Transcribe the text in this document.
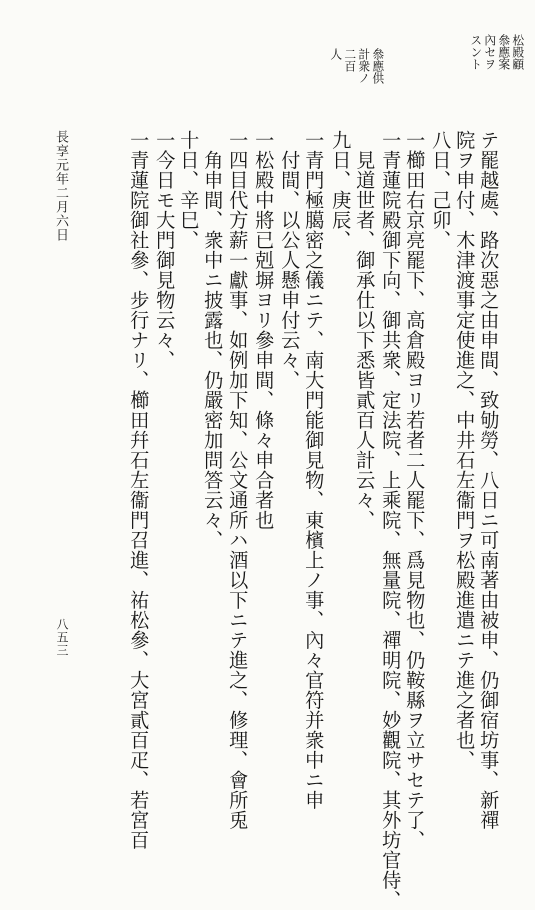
松殿顧
叅應案
內セヲ
スント
叅應供
計衆ノ
二百
人
テ罷越處、路次惡之由申間、致劬勞、八日ニ可南著由被申、仍御宿坊事、新禪
院ヲ申付、木津渡事定使進之、中井石左衞門ヲ松殿進遣ニテ進之者也、
八日、己卯、
一櫛田右京亮罷下、高倉殿ヨリ若者二人罷下、爲見物也、仍鞍縣ヲ立サセテ了、
一青蓮院殿御下向、御共衆、定法院、上乘院、無量院、禪明院、妙觀院、其外坊官侍、
見道世者、御承仕以下悉皆貳百人計云々、
九日、庚辰、
一青門極臈密之儀ニテ、南大門能御見物、東檳上ノ事、內々官符并衆中ニ申
付間、以公人懸申付云々、
一松殿中將已剋塀ヨリ參申間、條々申合者也
一四目代方薪一獻事、如例加下知、公文通所ハ酒以下ニテ進之、修理、會所兎
角申間、衆中ニ披露也、仍嚴密加問答云々、
十日、辛巳、
一今日モ大門御見物云々、
一青蓮院御社參、步行ナリ、櫛田幷石左衞門召進、祐松參、大宮貳百疋、若宮百
長享元年二月六日
八五三
